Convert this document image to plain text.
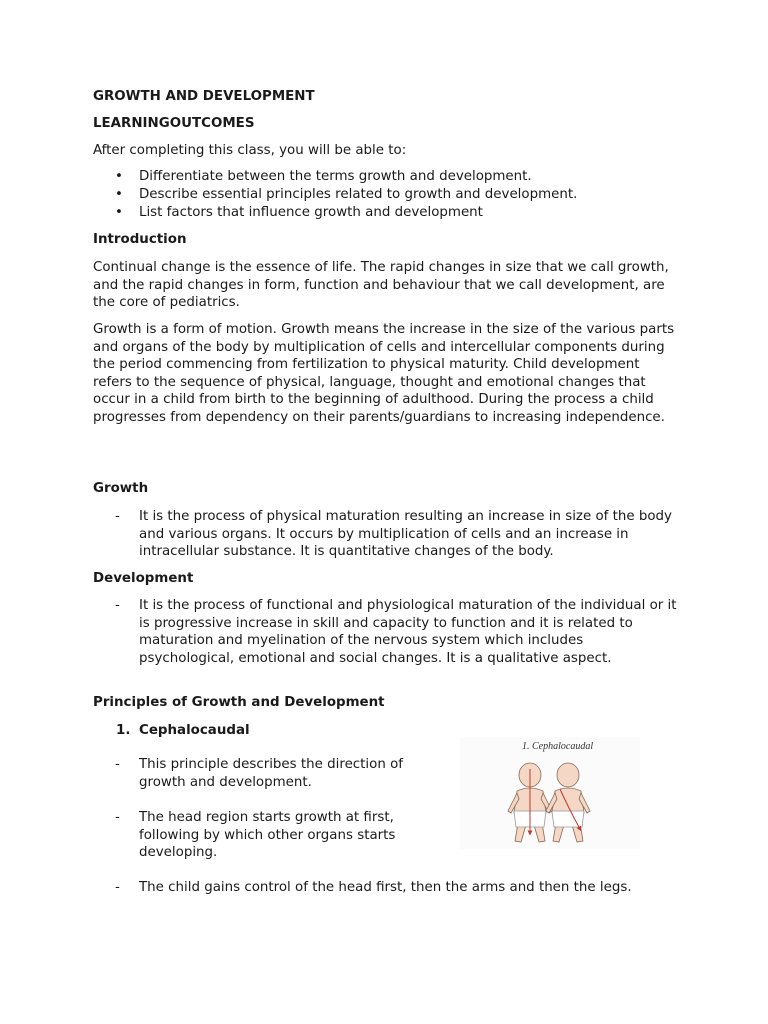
GROWTH AND DEVELOPMENT

LEARNINGOUTCOMES

After completing this class, you will be able to:

• Differentiate between the terms growth and development.
• Describe essential principles related to growth and development.
• List factors that influence growth and development

Introduction

Continual change is the essence of life. The rapid changes in size that we call growth, and the rapid changes in form, function and behaviour that we call development, are the core of pediatrics.

Growth is a form of motion. Growth means the increase in the size of the various parts and organs of the body by multiplication of cells and intercellular components during the period commencing from fertilization to physical maturity. Child development refers to the sequence of physical, language, thought and emotional changes that occur in a child from birth to the beginning of adulthood. During the process a child progresses from dependency on their parents/guardians to increasing independence.

Growth

- It is the process of physical maturation resulting an increase in size of the body and various organs. It occurs by multiplication of cells and an increase in intracellular substance. It is quantitative changes of the body.

Development

- It is the process of functional and physiological maturation of the individual or it is progressive increase in skill and capacity to function and it is related to maturation and myelination of the nervous system which includes psychological, emotional and social changes. It is a qualitative aspect.

Principles of Growth and Development

1. Cephalocaudal
- This principle describes the direction of growth and development.
- The head region starts growth at first, following by which other organs starts developing.
- The child gains control of the head first, then the arms and then the legs.
1. Cephalocaudal
